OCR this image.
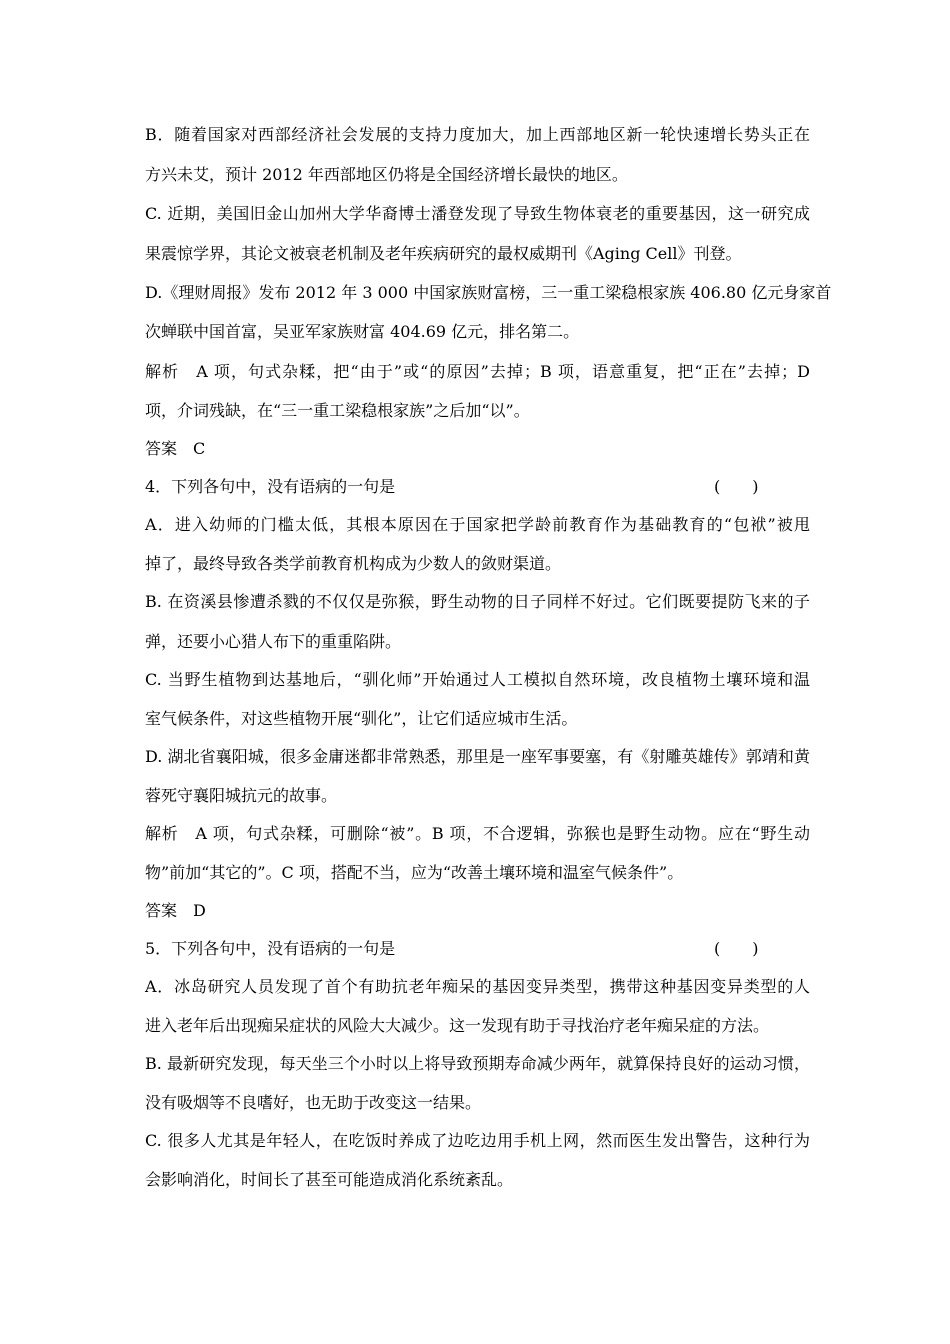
B．随着国家对西部经济社会发展的支持力度加大，加上西部地区新一轮快速增长势头正在
方兴未艾，预计 2012 年西部地区仍将是全国经济增长最快的地区。
C. 近期，美国旧金山加州大学华裔博士潘登发现了导致生物体衰老的重要基因，这一研究成
果震惊学界，其论文被衰老机制及老年疾病研究的最权威期刊《Aging Cell》刊登。
D.《理财周报》发布 2012 年 3 000 中国家族财富榜，三一重工梁稳根家族 406.80 亿元身家首
次蝉联中国首富，吴亚军家族财富 404.69 亿元，排名第二。
解析　A 项，句式杂糅，把“由于”或“的原因”去掉；B 项，语意重复，把“正在”去掉；D
项，介词残缺，在“三一重工梁稳根家族”之后加“以”。
答案　C
4．下列各句中，没有语病的一句是	(　　)
A．进入幼师的门槛太低，其根本原因在于国家把学龄前教育作为基础教育的“包袱”被甩
掉了，最终导致各类学前教育机构成为少数人的敛财渠道。
B. 在资溪县惨遭杀戮的不仅仅是弥猴，野生动物的日子同样不好过。它们既要提防飞来的子
弹，还要小心猎人布下的重重陷阱。
C. 当野生植物到达基地后，“驯化师”开始通过人工模拟自然环境，改良植物土壤环境和温
室气候条件，对这些植物开展“驯化”，让它们适应城市生活。
D. 湖北省襄阳城，很多金庸迷都非常熟悉，那里是一座军事要塞，有《射雕英雄传》郭靖和黄
蓉死守襄阳城抗元的故事。
解析　A 项，句式杂糅，可删除“被”。B 项，不合逻辑，弥猴也是野生动物。应在“野生动
物”前加“其它的”。C 项，搭配不当，应为“改善土壤环境和温室气候条件”。
答案　D
5．下列各句中，没有语病的一句是	(　　)
A．冰岛研究人员发现了首个有助抗老年痴呆的基因变异类型，携带这种基因变异类型的人
进入老年后出现痴呆症状的风险大大减少。这一发现有助于寻找治疗老年痴呆症的方法。
B. 最新研究发现，每天坐三个小时以上将导致预期寿命减少两年，就算保持良好的运动习惯，
没有吸烟等不良嗜好，也无助于改变这一结果。
C. 很多人尤其是年轻人，在吃饭时养成了边吃边用手机上网，然而医生发出警告，这种行为
会影响消化，时间长了甚至可能造成消化系统紊乱。
